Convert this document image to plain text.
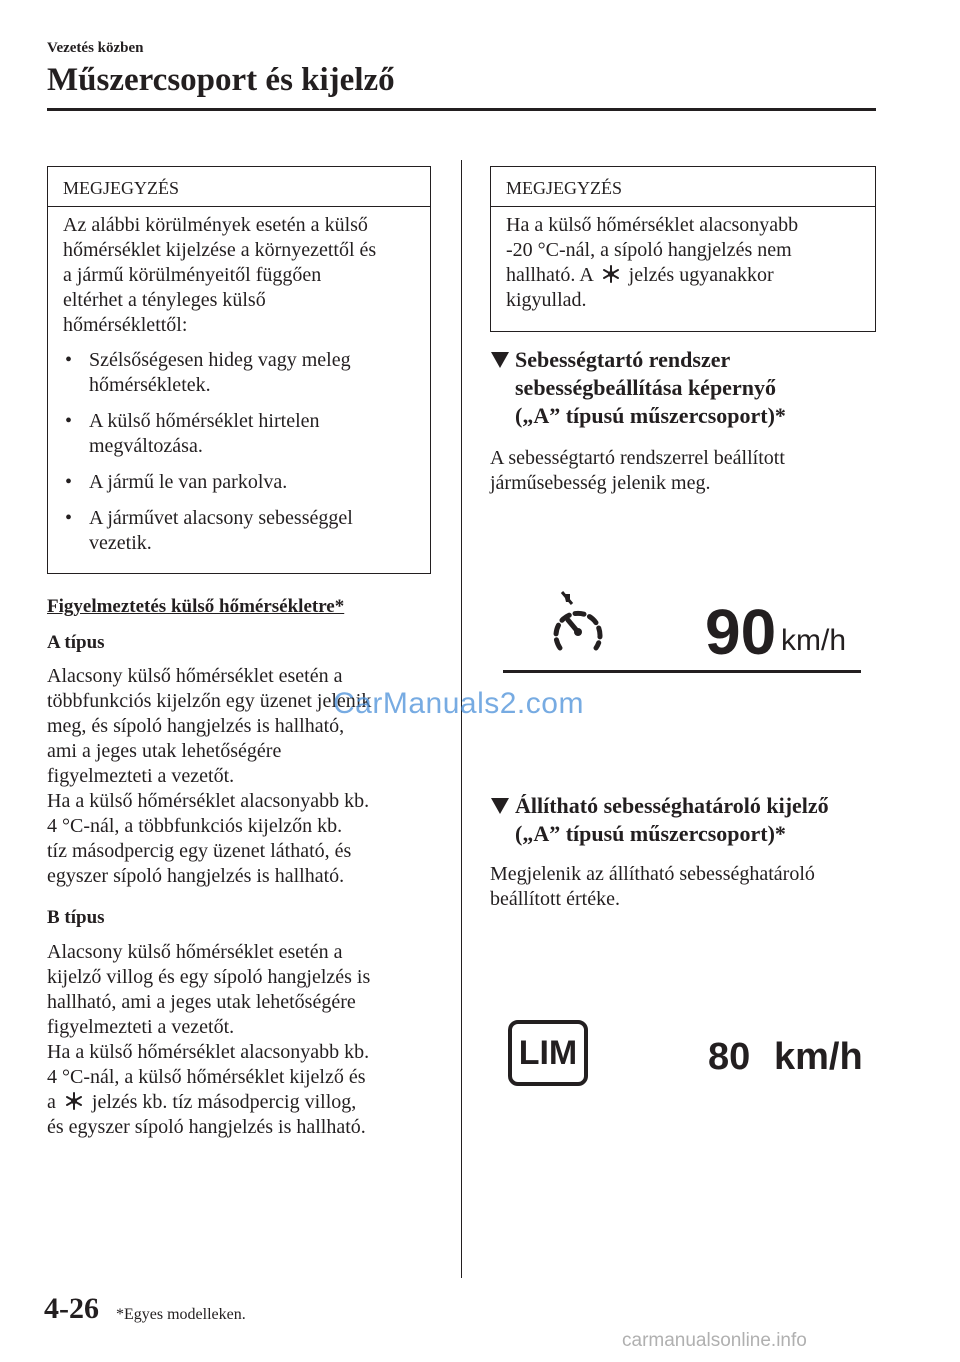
Vezetés közben
Műszercsoport és kijelző
MEGJEGYZÉS

Az alábbi körülmények esetén a külső

hőmérséklet kijelzése a környezettől és

a jármű körülményeitől függően

eltérhet a tényleges külső

hőmérséklettől:

• Szélsőségesen hideg vagy meleg
hőmérsékletek.
• A külső hőmérséklet hirtelen
megváltozása.
• A jármű le van parkolva.
• A járművet alacsony sebességgel
vezetik.
Figyelmeztetés külső hőmérsékletre*
A típus

Alacsony külső hőmérséklet esetén a

többfunkciós kijelzőn egy üzenet jelenik

meg, és sípoló hangjelzés is hallható,

ami a jeges utak lehetőségére

figyelmezteti a vezetőt.

Ha a külső hőmérséklet alacsonyabb kb.

4 °C-nál, a többfunkciós kijelzőn kb.

tíz másodpercig egy üzenet látható, és

egyszer sípoló hangjelzés is hallható.

B típus

Alacsony külső hőmérséklet esetén a

kijelző villog és egy sípoló hangjelzés is

hallható, ami a jeges utak lehetőségére

figyelmezteti a vezetőt.

Ha a külső hőmérséklet alacsonyabb kb.

4 °C-nál, a külső hőmérséklet kijelző és

a jelzés kb. tíz másodpercig villog,

és egyszer sípoló hangjelzés is hallható.

MEGJEGYZÉS

Ha a külső hőmérséklet alacsonyabb

-20 °C-nál, a sípoló hangjelzés nem

hallható. A jelzés ugyanakkor

kigyullad.

Sebességtartó rendszer
sebességbeállítása képernyő
(„A” típusú műszercsoport)*

A sebességtartó rendszerrel beállított

járműsebesség jelenik meg.

90 km/h
CarManuals2.com
Állítható sebességhatároló kijelző
(„A” típusú műszercsoport)*

Megjelenik az állítható sebességhatároló

beállított értéke.

LIM	80 km/h
4-26 *Egyes modelleken.
carmanualsonline.info
